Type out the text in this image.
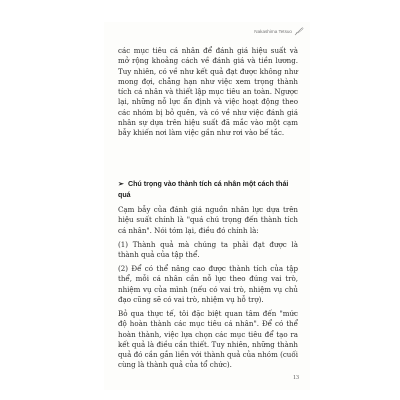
Nakashima Tetsuo
các mục tiêu cá nhân để đánh giá hiệu suất và mở rộng khoảng cách về đánh giá và tiền lương. Tuy nhiên, có về như kết quả đạt được không như mong đợi, chẳng hạn như việc xem trọng thành tích cá nhân và thiết lập mục tiêu an toàn. Ngược lại, những nỗ lực ẩn định và việc hoạt động theo các nhóm bị bỏ quên, và có về như việc đánh giá nhân sự dựa trên hiệu suất đã mắc vào một cạm bẫy khiến nơi làm việc gần như rơi vào bế tắc.
➢ Chú trọng vào thành tích cá nhân một cách thái quá
Cạm bẫy của đánh giá nguồn nhân lực dựa trên hiệu suất chính là "quá chú trọng đến thành tích cá nhân". Nói tóm lại, điều đó chính là:
(1) Thành quả mà chúng ta phải đạt được là thành quả của tập thể.
(2) Để có thể nâng cao được thành tích của tập thể, mỗi cá nhân cần nỗ lực theo đúng vai trò, nhiệm vụ của mình (nếu có vai trò, nhiệm vụ chủ đạo cũng sẽ có vai trò, nhiệm vụ hỗ trợ).
Bỏ qua thực tế, tôi đặc biệt quan tâm đến "mức độ hoàn thành các mục tiêu cá nhân". Để có thể hoàn thành, việc lựa chọn các mục tiêu để tạo ra kết quả là điều cần thiết. Tuy nhiên, những thành quả đó cần gắn liền với thành quả của nhóm (cuối cùng là thành quả của tổ chức).
13
